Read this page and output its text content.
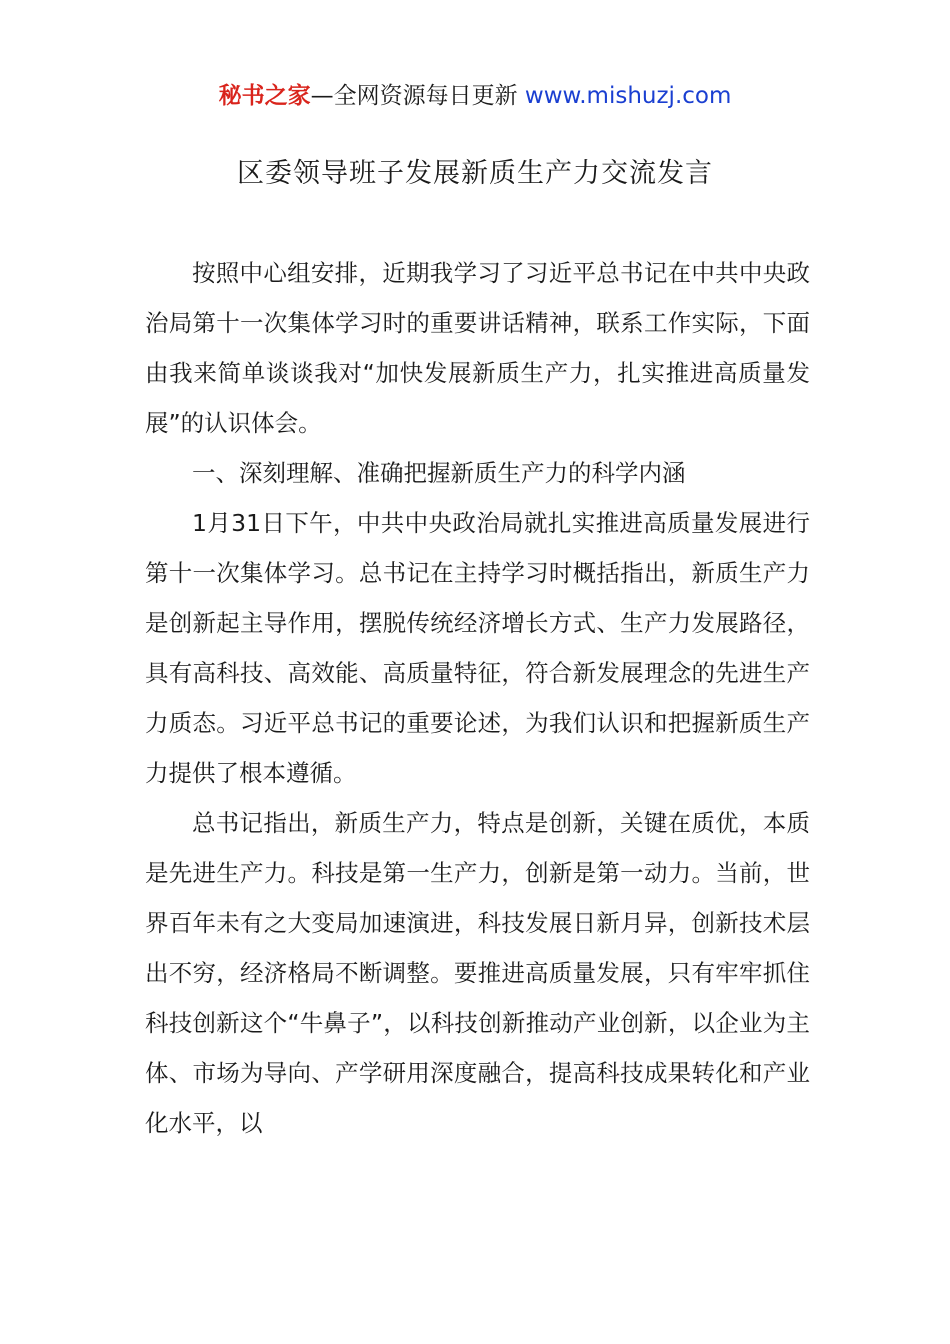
秘书之家—全网资源每日更新 www.mishuzj.com
区委领导班子发展新质生产力交流发言

按照中心组安排，近期我学习了习近平总书记在中共中央政治局第十一次集体学习时的重要讲话精神，联系工作实际，下面由我来简单谈谈我对“加快发展新质生产力，扎实推进高质量发展”的认识体会。

一、深刻理解、准确把握新质生产力的科学内涵

1月31日下午，中共中央政治局就扎实推进高质量发展进行第十一次集体学习。总书记在主持学习时概括指出，新质生产力是创新起主导作用，摆脱传统经济增长方式、生产力发展路径，具有高科技、高效能、高质量特征，符合新发展理念的先进生产力质态。习近平总书记的重要论述，为我们认识和把握新质生产力提供了根本遵循。

总书记指出，新质生产力，特点是创新，关键在质优，本质是先进生产力。科技是第一生产力，创新是第一动力。当前，世界百年未有之大变局加速演进，科技发展日新月异，创新技术层出不穷，经济格局不断调整。要推进高质量发展，只有牢牢抓住科技创新这个“牛鼻子”，以科技创新推动产业创新，以企业为主体、市场为导向、产学研用深度融合，提高科技成果转化和产业化水平，以
